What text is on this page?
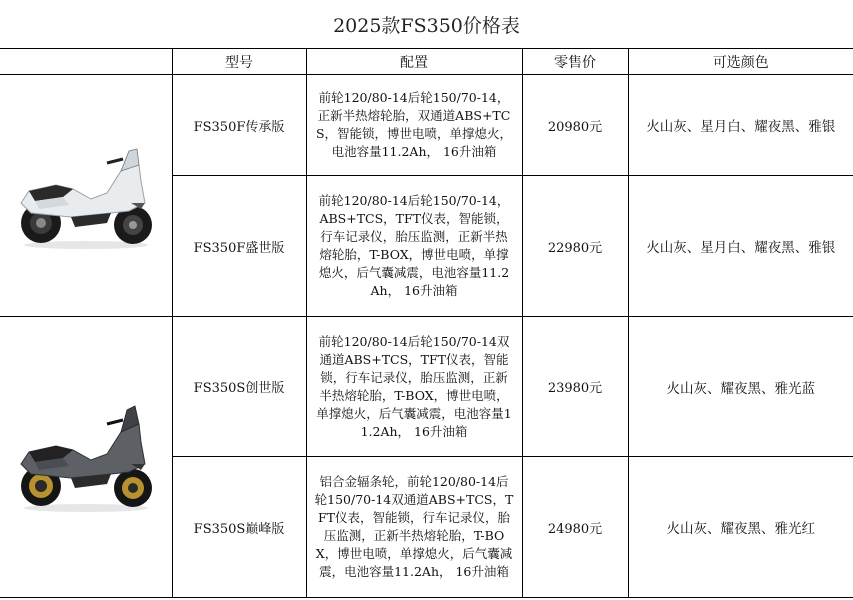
2025款FS350价格表
	型号	配置	零售价	可选颜色

	FS350F传承版	前轮120/80-14后轮150/70-14，正新半热熔轮胎，双通道ABS+TCS，智能锁，博世电喷，单撑熄火，电池容量11.2Ah， 16升油箱	20980元	火山灰、星月白、耀夜黑、雅银
	FS350F盛世版	前轮120/80-14后轮150/70-14，ABS+TCS，TFT仪表，智能锁，行车记录仪，胎压监测，正新半热熔轮胎，T-BOX，博世电喷，单撑熄火，后气囊减震，电池容量11.2Ah， 16升油箱	22980元	火山灰、星月白、耀夜黑、雅银

	FS350S创世版	前轮120/80-14后轮150/70-14双通道ABS+TCS，TFT仪表，智能锁，行车记录仪，胎压监测，正新半热熔轮胎，T-BOX，博世电喷，单撑熄火，后气囊减震，电池容量11.2Ah， 16升油箱	23980元	火山灰、耀夜黑、雅光蓝
	FS350S巅峰版	铝合金辐条轮，前轮120/80-14后轮150/70-14双通道ABS+TCS，TFT仪表，智能锁，行车记录仪，胎压监测，正新半热熔轮胎，T-BOX，博世电喷，单撑熄火，后气囊减震，电池容量11.2Ah， 16升油箱	24980元	火山灰、耀夜黑、雅光红
